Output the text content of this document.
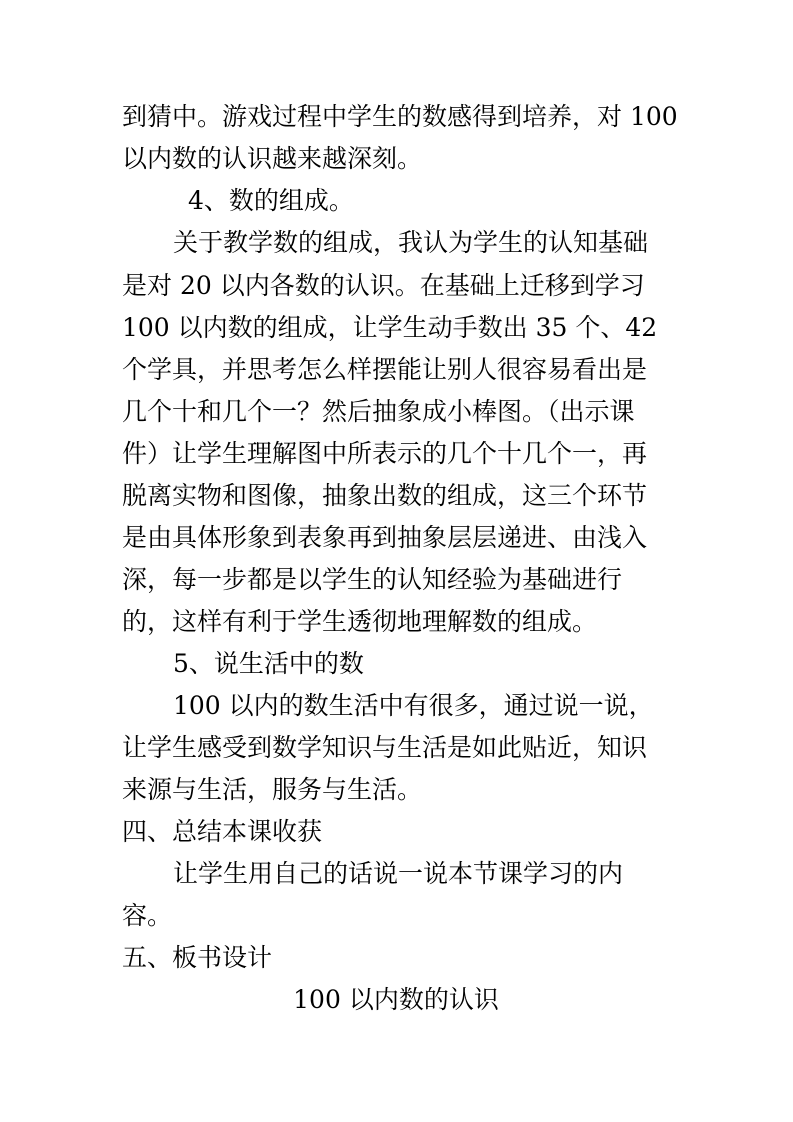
到猜中。游戏过程中学生的数感得到培养，对 100
以内数的认识越来越深刻。
4、数的组成。
关于教学数的组成，我认为学生的认知基础
是对 20 以内各数的认识。在基础上迁移到学习
100 以内数的组成，让学生动手数出 35 个、42
个学具，并思考怎么样摆能让别人很容易看出是
几个十和几个一？然后抽象成小棒图。（出示课
件）让学生理解图中所表示的几个十几个一，再
脱离实物和图像，抽象出数的组成，这三个环节
是由具体形象到表象再到抽象层层递进、由浅入
深，每一步都是以学生的认知经验为基础进行
的，这样有利于学生透彻地理解数的组成。
5、说生活中的数
100 以内的数生活中有很多，通过说一说，
让学生感受到数学知识与生活是如此贴近，知识
来源与生活，服务与生活。
四、总结本课收获
让学生用自己的话说一说本节课学习的内
容。
五、板书设计
100 以内数的认识
